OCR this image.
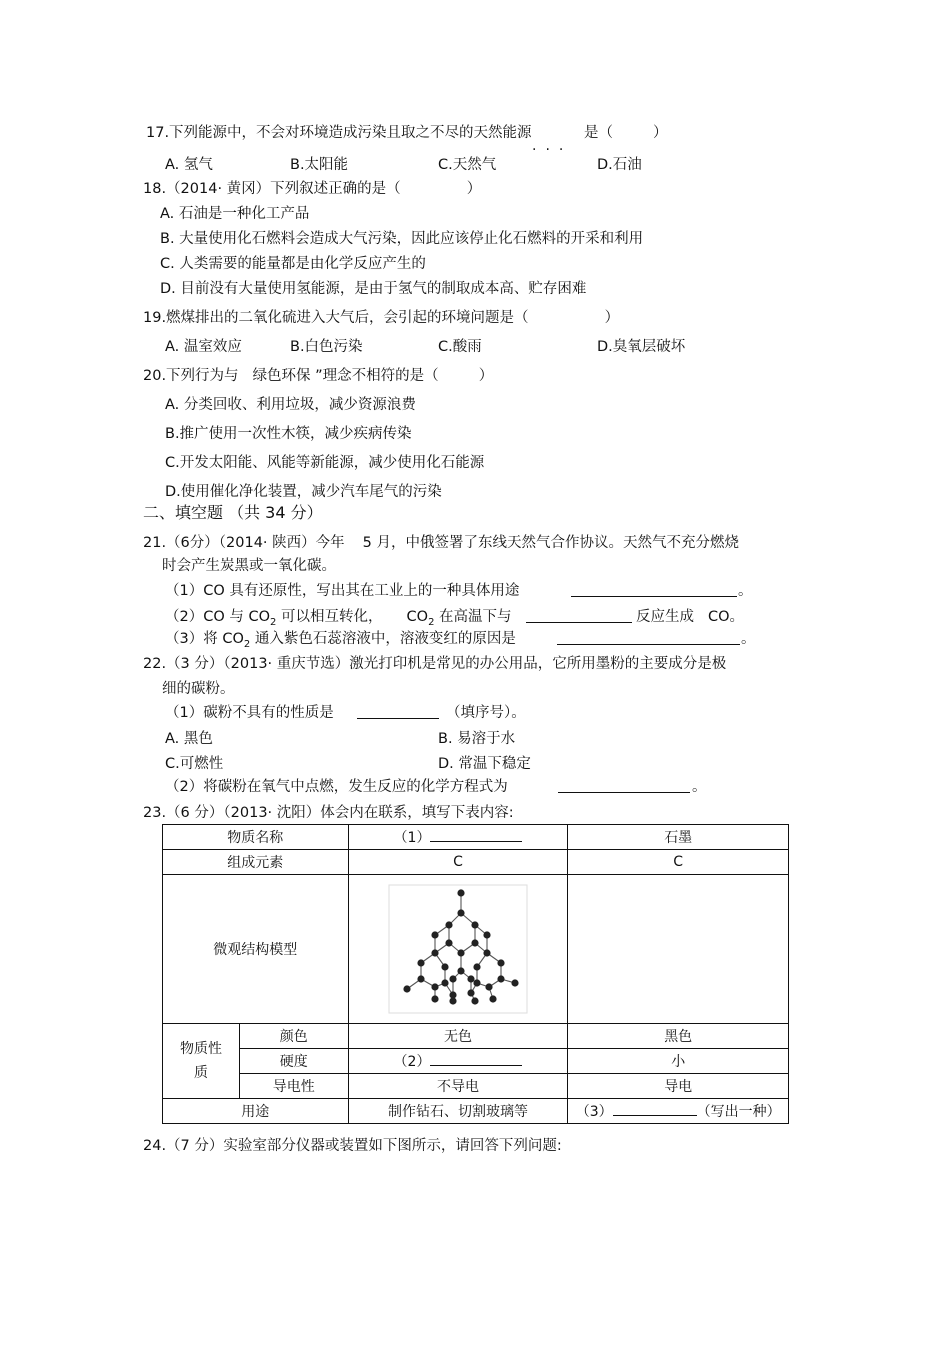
17.下列能源中，不会对环境造成污染且取之不尽的天然能源
...
是（	）
A. 氢气	B.太阳能	C.天然气	D.石油
18.（2014· 黄冈）下列叙述正确的是（	）
A. 石油是一种化工产品
B. 大量使用化石燃料会造成大气污染，因此应该停止化石燃料的开采和利用
C. 人类需要的能量都是由化学反应产生的
D. 目前没有大量使用氢能源，是由于氢气的制取成本高、贮存困难
19.燃煤排出的二氧化硫进入大气后，会引起的环境问题是（	）
A. 温室效应	B.白色污染	C.酸雨	D.臭氧层破坏
20.下列行为与 绿色环保 ”理念不相符的是（	）
A. 分类回收、利用垃圾，减少资源浪费
B.推广使用一次性木筷，减少疾病传染
C.开发太阳能、风能等新能源，减少使用化石能源
D.使用催化净化装置，减少汽车尾气的污染
二、填空题 （共 34 分）
21.（6分）（2014· 陕西）今年 5 月，中俄签署了东线天然气合作协议。天然气不充分燃烧
时会产生炭黑或一氧化碳。
（1）CO 具有还原性，写出其在工业上的一种具体用途	。
（2）CO 与 $CO_2$ 可以相互转化， $CO_2$ 在高温下与	反应生成 CO。
（3）将 $CO_2$ 通入紫色石蕊溶液中，溶液变红的原因是	。
22.（3 分）（2013· 重庆节选）激光打印机是常见的办公用品，它所用墨粉的主要成分是极
细的碳粉。
（1）碳粉不具有的性质是	（填序号）。
A. 黑色	B. 易溶于水
C.可燃性	D. 常温下稳定
（2）将碳粉在氧气中点燃，发生反应的化学方程式为	。
23.（6 分）（2013· 沈阳）体会内在联系，填写下表内容:
物质名称		（1）	石墨
组成元素		C	C
微观结构模型	

物质性质	颜色	无色	黑色
	硬度	（2）	小
	导电性	不导电	导电
用途		制作钻石、切割玻璃等	（3） （写出一种）
24.（7 分）实验室部分仪器或装置如下图所示，请回答下列问题:
